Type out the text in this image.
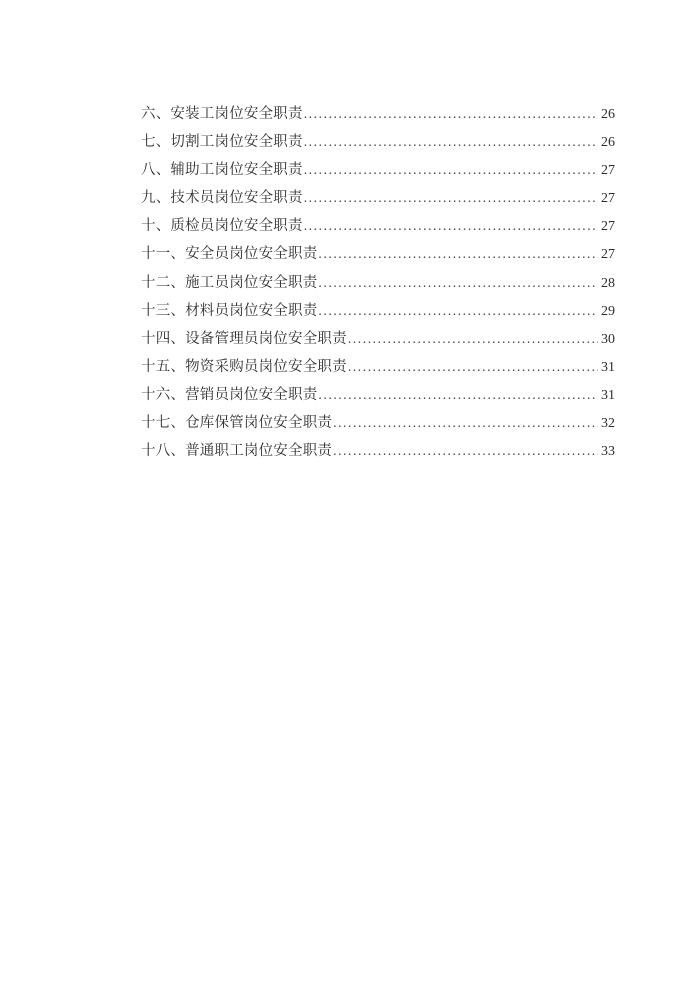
六、安装工岗位安全职责 .....	26
七、切割工岗位安全职责 .....	26
八、辅助工岗位安全职责 .....	27
九、技术员岗位安全职责 .....	27
十、质检员岗位安全职责 .....	27
十一、安全员岗位安全职责 .....	27
十二、施工员岗位安全职责 .....	28
十三、材料员岗位安全职责 .....	29
十四、设备管理员岗位安全职责 .....	30
十五、物资采购员岗位安全职责 .....	31
十六、营销员岗位安全职责 .....	31
十七、仓库保管岗位安全职责 .....	32
十八、普通职工岗位安全职责 .....	33
